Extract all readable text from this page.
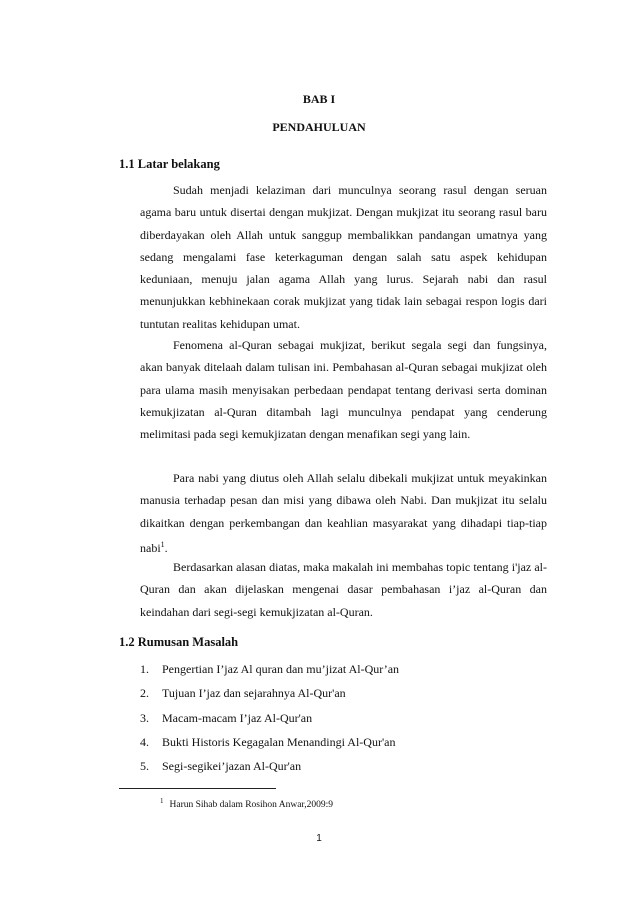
BAB I
PENDAHULUAN
1.1 Latar belakang
Sudah menjadi kelaziman dari munculnya seorang rasul dengan seruan agama baru untuk disertai dengan mukjizat. Dengan mukjizat itu seorang rasul baru diberdayakan oleh Allah untuk sanggup membalikkan pandangan umatnya yang sedang mengalami fase keterkaguman dengan salah satu aspek kehidupan keduniaan, menuju jalan agama Allah yang lurus. Sejarah nabi dan rasul menunjukkan kebhinekaan corak mukjizat yang tidak lain sebagai respon logis dari tuntutan realitas kehidupan umat.
Fenomena al-Quran sebagai mukjizat, berikut segala segi dan fungsinya, akan banyak ditelaah dalam tulisan ini. Pembahasan al-Quran sebagai mukjizat oleh para ulama masih menyisakan perbedaan pendapat tentang derivasi serta dominan kemukjizatan al-Quran ditambah lagi munculnya pendapat yang cenderung melimitasi pada segi kemukjizatan dengan menafikan segi yang lain.
Para nabi yang diutus oleh Allah selalu dibekali mukjizat untuk meyakinkan manusia terhadap pesan dan misi yang dibawa oleh Nabi. Dan mukjizat itu selalu dikaitkan dengan perkembangan dan keahlian masyarakat yang dihadapi tiap-tiap nabi$^1$.
Berdasarkan alasan diatas, maka makalah ini membahas topic tentang i'jaz al-Quran dan akan dijelaskan mengenai dasar pembahasan i’jaz al-Quran dan keindahan dari segi-segi kemukjizatan al-Quran.
1.2 Rumusan Masalah
1. Pengertian I’jaz Al quran dan mu’jizat Al-Qur’an
2. Tujuan I’jaz dan sejarahnya Al-Qur'an
3. Macam-macam I’jaz Al-Qur'an
4. Bukti Historis Kegagalan Menandingi Al-Qur'an
5. Segi-segikei’jazan Al-Qur'an
$^1$ Harun Sihab dalam Rosihon Anwar,2009:9
1
